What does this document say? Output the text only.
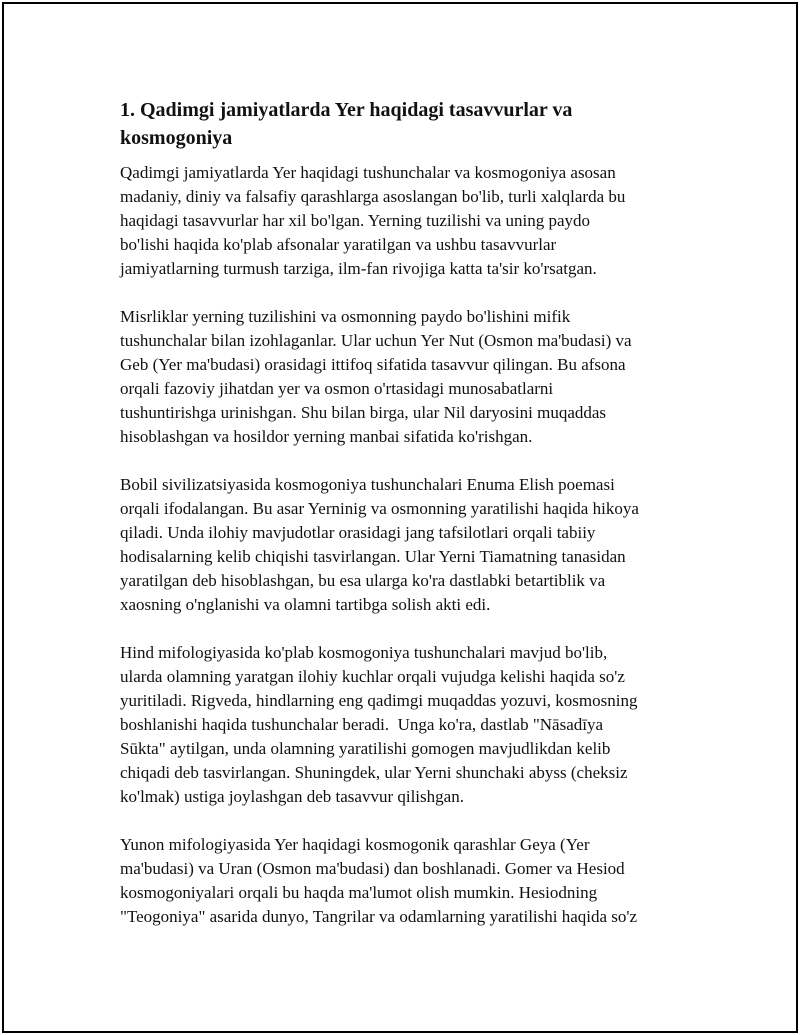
1. Qadimgi jamiyatlarda Yer haqidagi tasavvurlar va
kosmogoniya

Qadimgi jamiyatlarda Yer haqidagi tushunchalar va kosmogoniya asosan
madaniy, diniy va falsafiy qarashlarga asoslangan bo'lib, turli xalqlarda bu
haqidagi tasavvurlar har xil bo'lgan. Yerning tuzilishi va uning paydo
bo'lishi haqida ko'plab afsonalar yaratilgan va ushbu tasavvurlar
jamiyatlarning turmush tarziga, ilm-fan rivojiga katta ta'sir ko'rsatgan.

Misrliklar yerning tuzilishini va osmonning paydo bo'lishini mifik
tushunchalar bilan izohlaganlar. Ular uchun Yer Nut (Osmon ma'budasi) va
Geb (Yer ma'budasi) orasidagi ittifoq sifatida tasavvur qilingan. Bu afsona
orqali fazoviy jihatdan yer va osmon o'rtasidagi munosabatlarni
tushuntirishga urinishgan. Shu bilan birga, ular Nil daryosini muqaddas
hisoblashgan va hosildor yerning manbai sifatida ko'rishgan.

Bobil sivilizatsiyasida kosmogoniya tushunchalari Enuma Elish poemasi
orqali ifodalangan. Bu asar Yerninig va osmonning yaratilishi haqida hikoya
qiladi. Unda ilohiy mavjudotlar orasidagi jang tafsilotlari orqali tabiiy
hodisalarning kelib chiqishi tasvirlangan. Ular Yerni Tiamatning tanasidan
yaratilgan deb hisoblashgan, bu esa ularga ko'ra dastlabki betartiblik va
xaosning o'nglanishi va olamni tartibga solish akti edi.

Hind mifologiyasida ko'plab kosmogoniya tushunchalari mavjud bo'lib,
ularda olamning yaratgan ilohiy kuchlar orqali vujudga kelishi haqida so'z
yuritiladi. Rigveda, hindlarning eng qadimgi muqaddas yozuvi, kosmosning
boshlanishi haqida tushunchalar beradi.  Unga ko'ra, dastlab "Nāsadīya
Sūkta" aytilgan, unda olamning yaratilishi gomogen mavjudlikdan kelib
chiqadi deb tasvirlangan. Shuningdek, ular Yerni shunchaki abyss (cheksiz
ko'lmak) ustiga joylashgan deb tasavvur qilishgan.

Yunon mifologiyasida Yer haqidagi kosmogonik qarashlar Geya (Yer
ma'budasi) va Uran (Osmon ma'budasi) dan boshlanadi. Gomer va Hesiod
kosmogoniyalari orqali bu haqda ma'lumot olish mumkin. Hesiodning
"Teogoniya" asarida dunyo, Tangrilar va odamlarning yaratilishi haqida so'z
